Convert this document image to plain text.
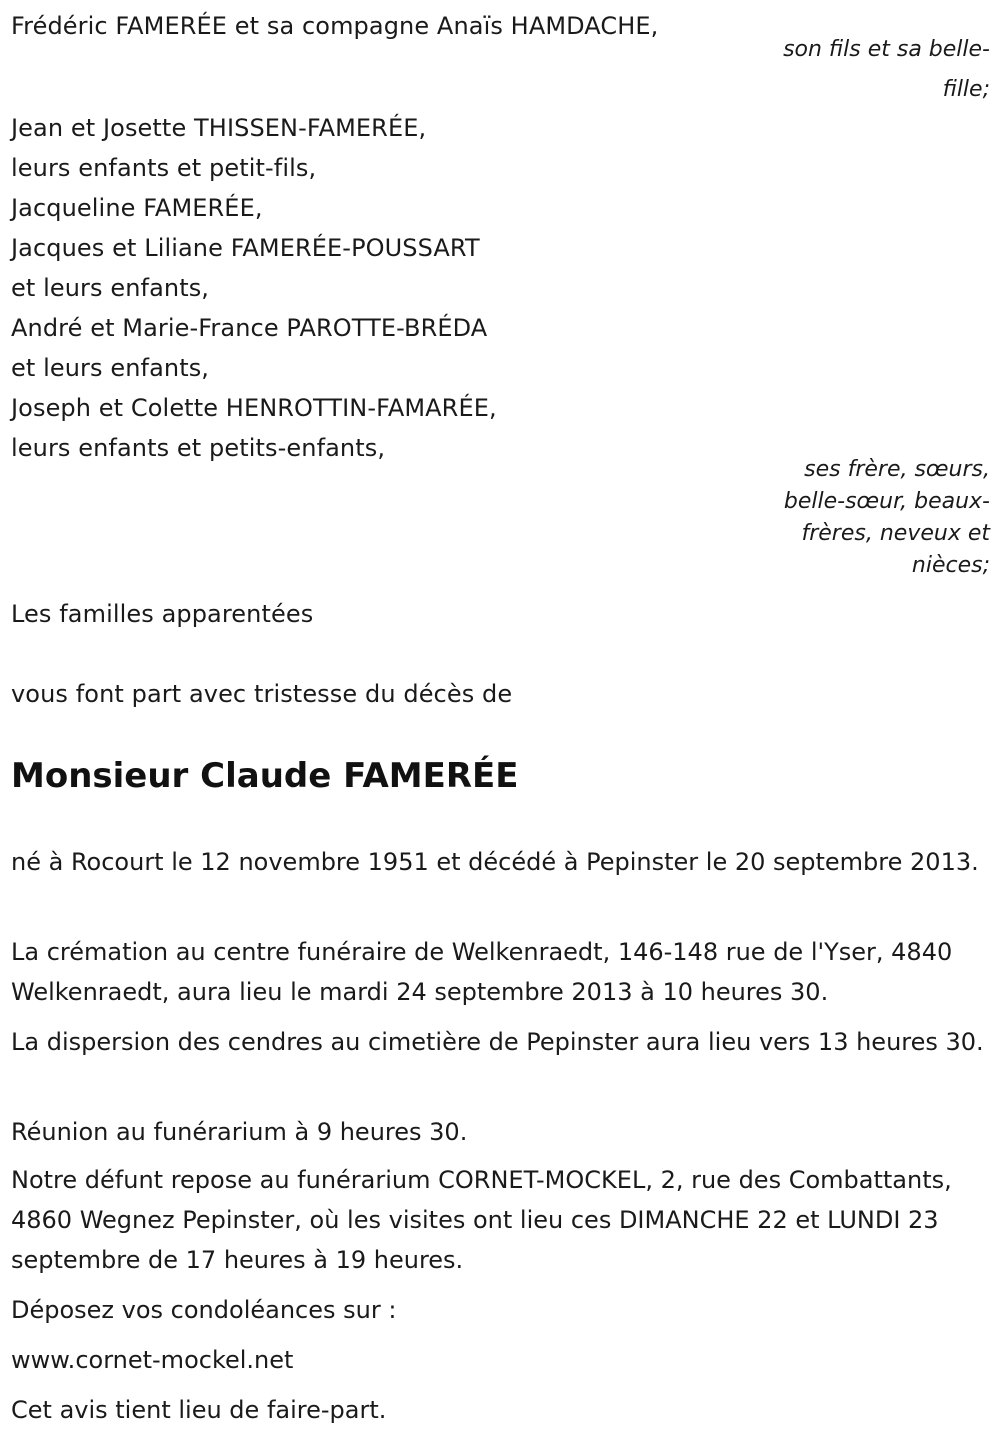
Frédéric FAMERÉE et sa compagne Anaïs HAMDACHE,
son fils et sa belle-fille;
Jean et Josette THISSEN-FAMERÉE,
leurs enfants et petit-fils,
Jacqueline FAMERÉE,
Jacques et Liliane FAMERÉE-POUSSART
et leurs enfants,
André et Marie-France PAROTTE-BRÉDA
et leurs enfants,
Joseph et Colette HENROTTIN-FAMARÉE,
leurs enfants et petits-enfants,
ses frère, sœurs, belle-sœur, beaux-frères, neveux et nièces;
Les familles apparentées
vous font part avec tristesse du décès de
Monsieur Claude FAMERÉE
né à Rocourt le 12 novembre 1951 et décédé à Pepinster le 20 septembre 2013.
La crémation au centre funéraire de Welkenraedt, 146-148 rue de l'Yser, 4840 Welkenraedt, aura lieu le mardi 24 septembre 2013 à 10 heures 30.
La dispersion des cendres au cimetière de Pepinster aura lieu vers 13 heures 30.
Réunion au funérarium à 9 heures 30.
Notre défunt repose au funérarium CORNET-MOCKEL, 2, rue des Combattants, 4860 Wegnez Pepinster, où les visites ont lieu ces DIMANCHE 22 et LUNDI 23 septembre de 17 heures à 19 heures.
Déposez vos condoléances sur :
www.cornet-mockel.net
Cet avis tient lieu de faire-part.
